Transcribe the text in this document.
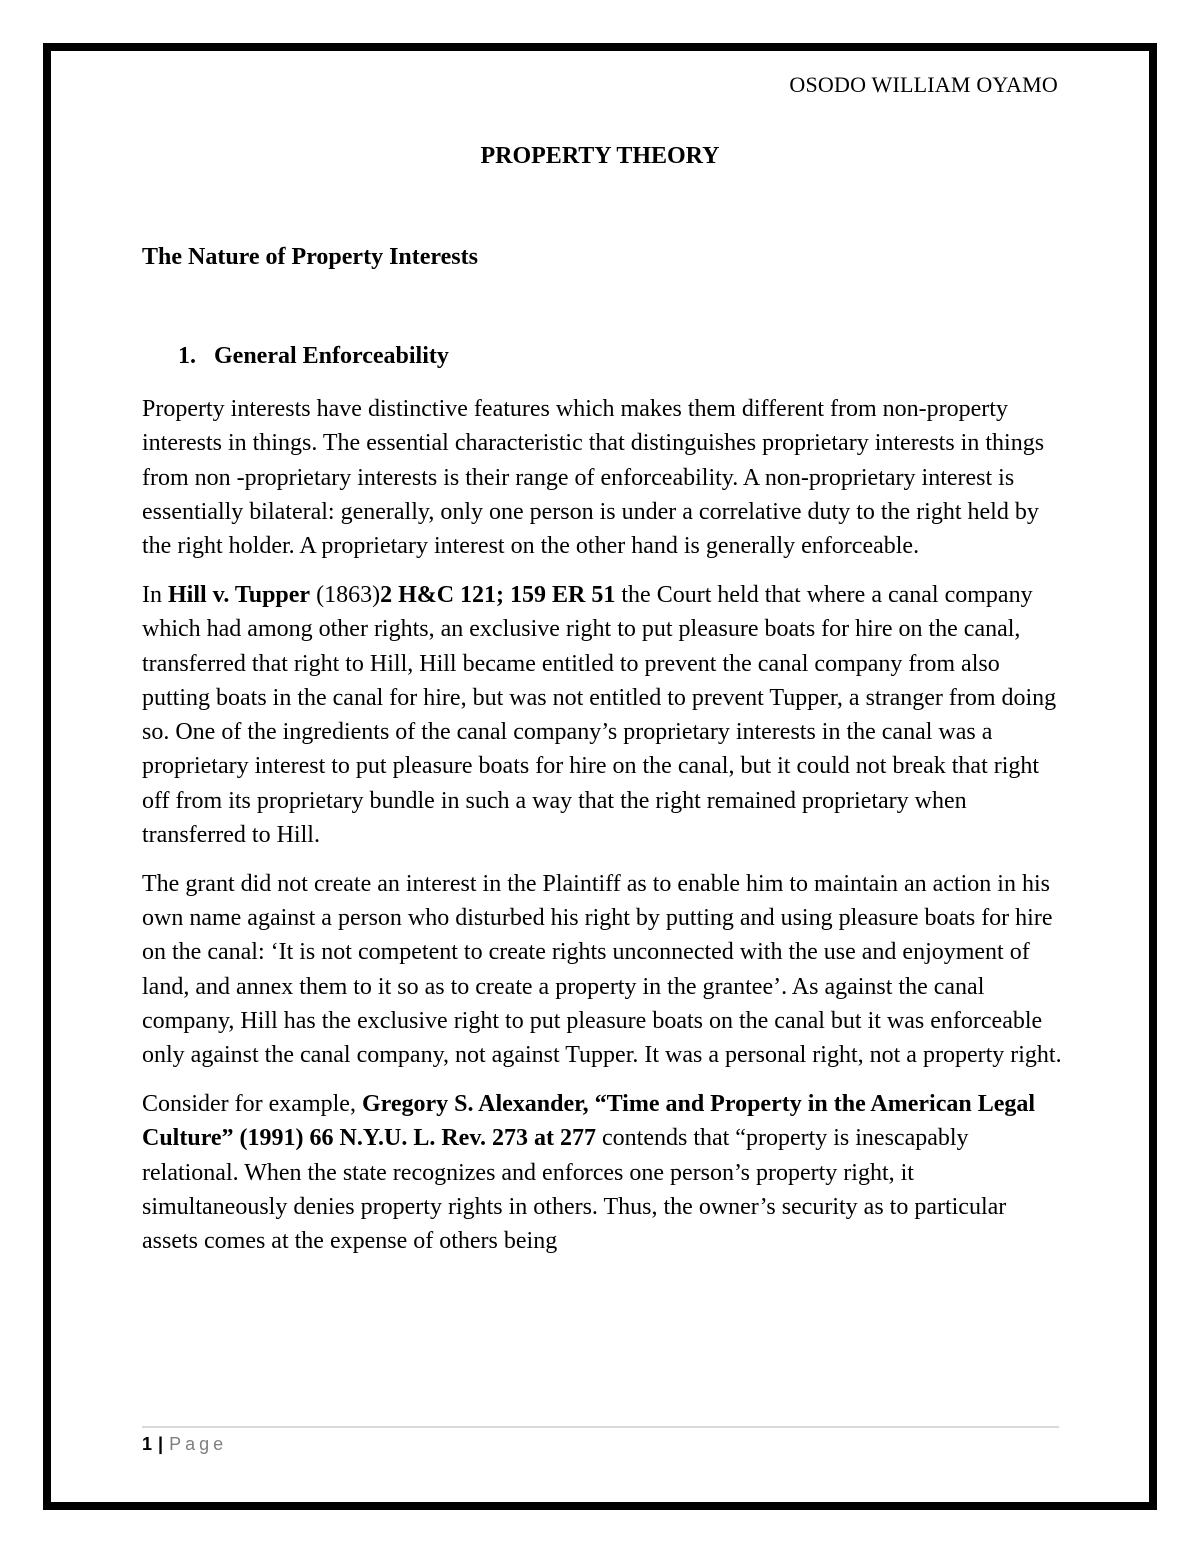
OSODO WILLIAM OYAMO
PROPERTY THEORY
The Nature of Property Interests
1. General Enforceability

Property interests have distinctive features which makes them different from non-property interests in things. The essential characteristic that distinguishes proprietary interests in things from non -proprietary interests is their range of enforceability. A non-proprietary interest is essentially bilateral: generally, only one person is under a correlative duty to the right held by the right holder. A proprietary interest on the other hand is generally enforceable.

In Hill v. Tupper (1863)2 H&C 121; 159 ER 51 the Court held that where a canal company which had among other rights, an exclusive right to put pleasure boats for hire on the canal, transferred that right to Hill, Hill became entitled to prevent the canal company from also putting boats in the canal for hire, but was not entitled to prevent Tupper, a stranger from doing so. One of the ingredients of the canal company’s proprietary interests in the canal was a proprietary interest to put pleasure boats for hire on the canal, but it could not break that right off from its proprietary bundle in such a way that the right remained proprietary when transferred to Hill.

The grant did not create an interest in the Plaintiff as to enable him to maintain an action in his own name against a person who disturbed his right by putting and using pleasure boats for hire on the canal: ‘It is not competent to create rights unconnected with the use and enjoyment of land, and annex them to it so as to create a property in the grantee’. As against the canal company, Hill has the exclusive right to put pleasure boats on the canal but it was enforceable only against the canal company, not against Tupper. It was a personal right, not a property right.

Consider for example, Gregory S. Alexander, “Time and Property in the American Legal Culture” (1991) 66 N.Y.U. L. Rev. 273 at 277 contends that “property is inescapably relational. When the state recognizes and enforces one person’s property right, it simultaneously denies property rights in others. Thus, the owner’s security as to particular assets comes at the expense of others being

1 | Page
